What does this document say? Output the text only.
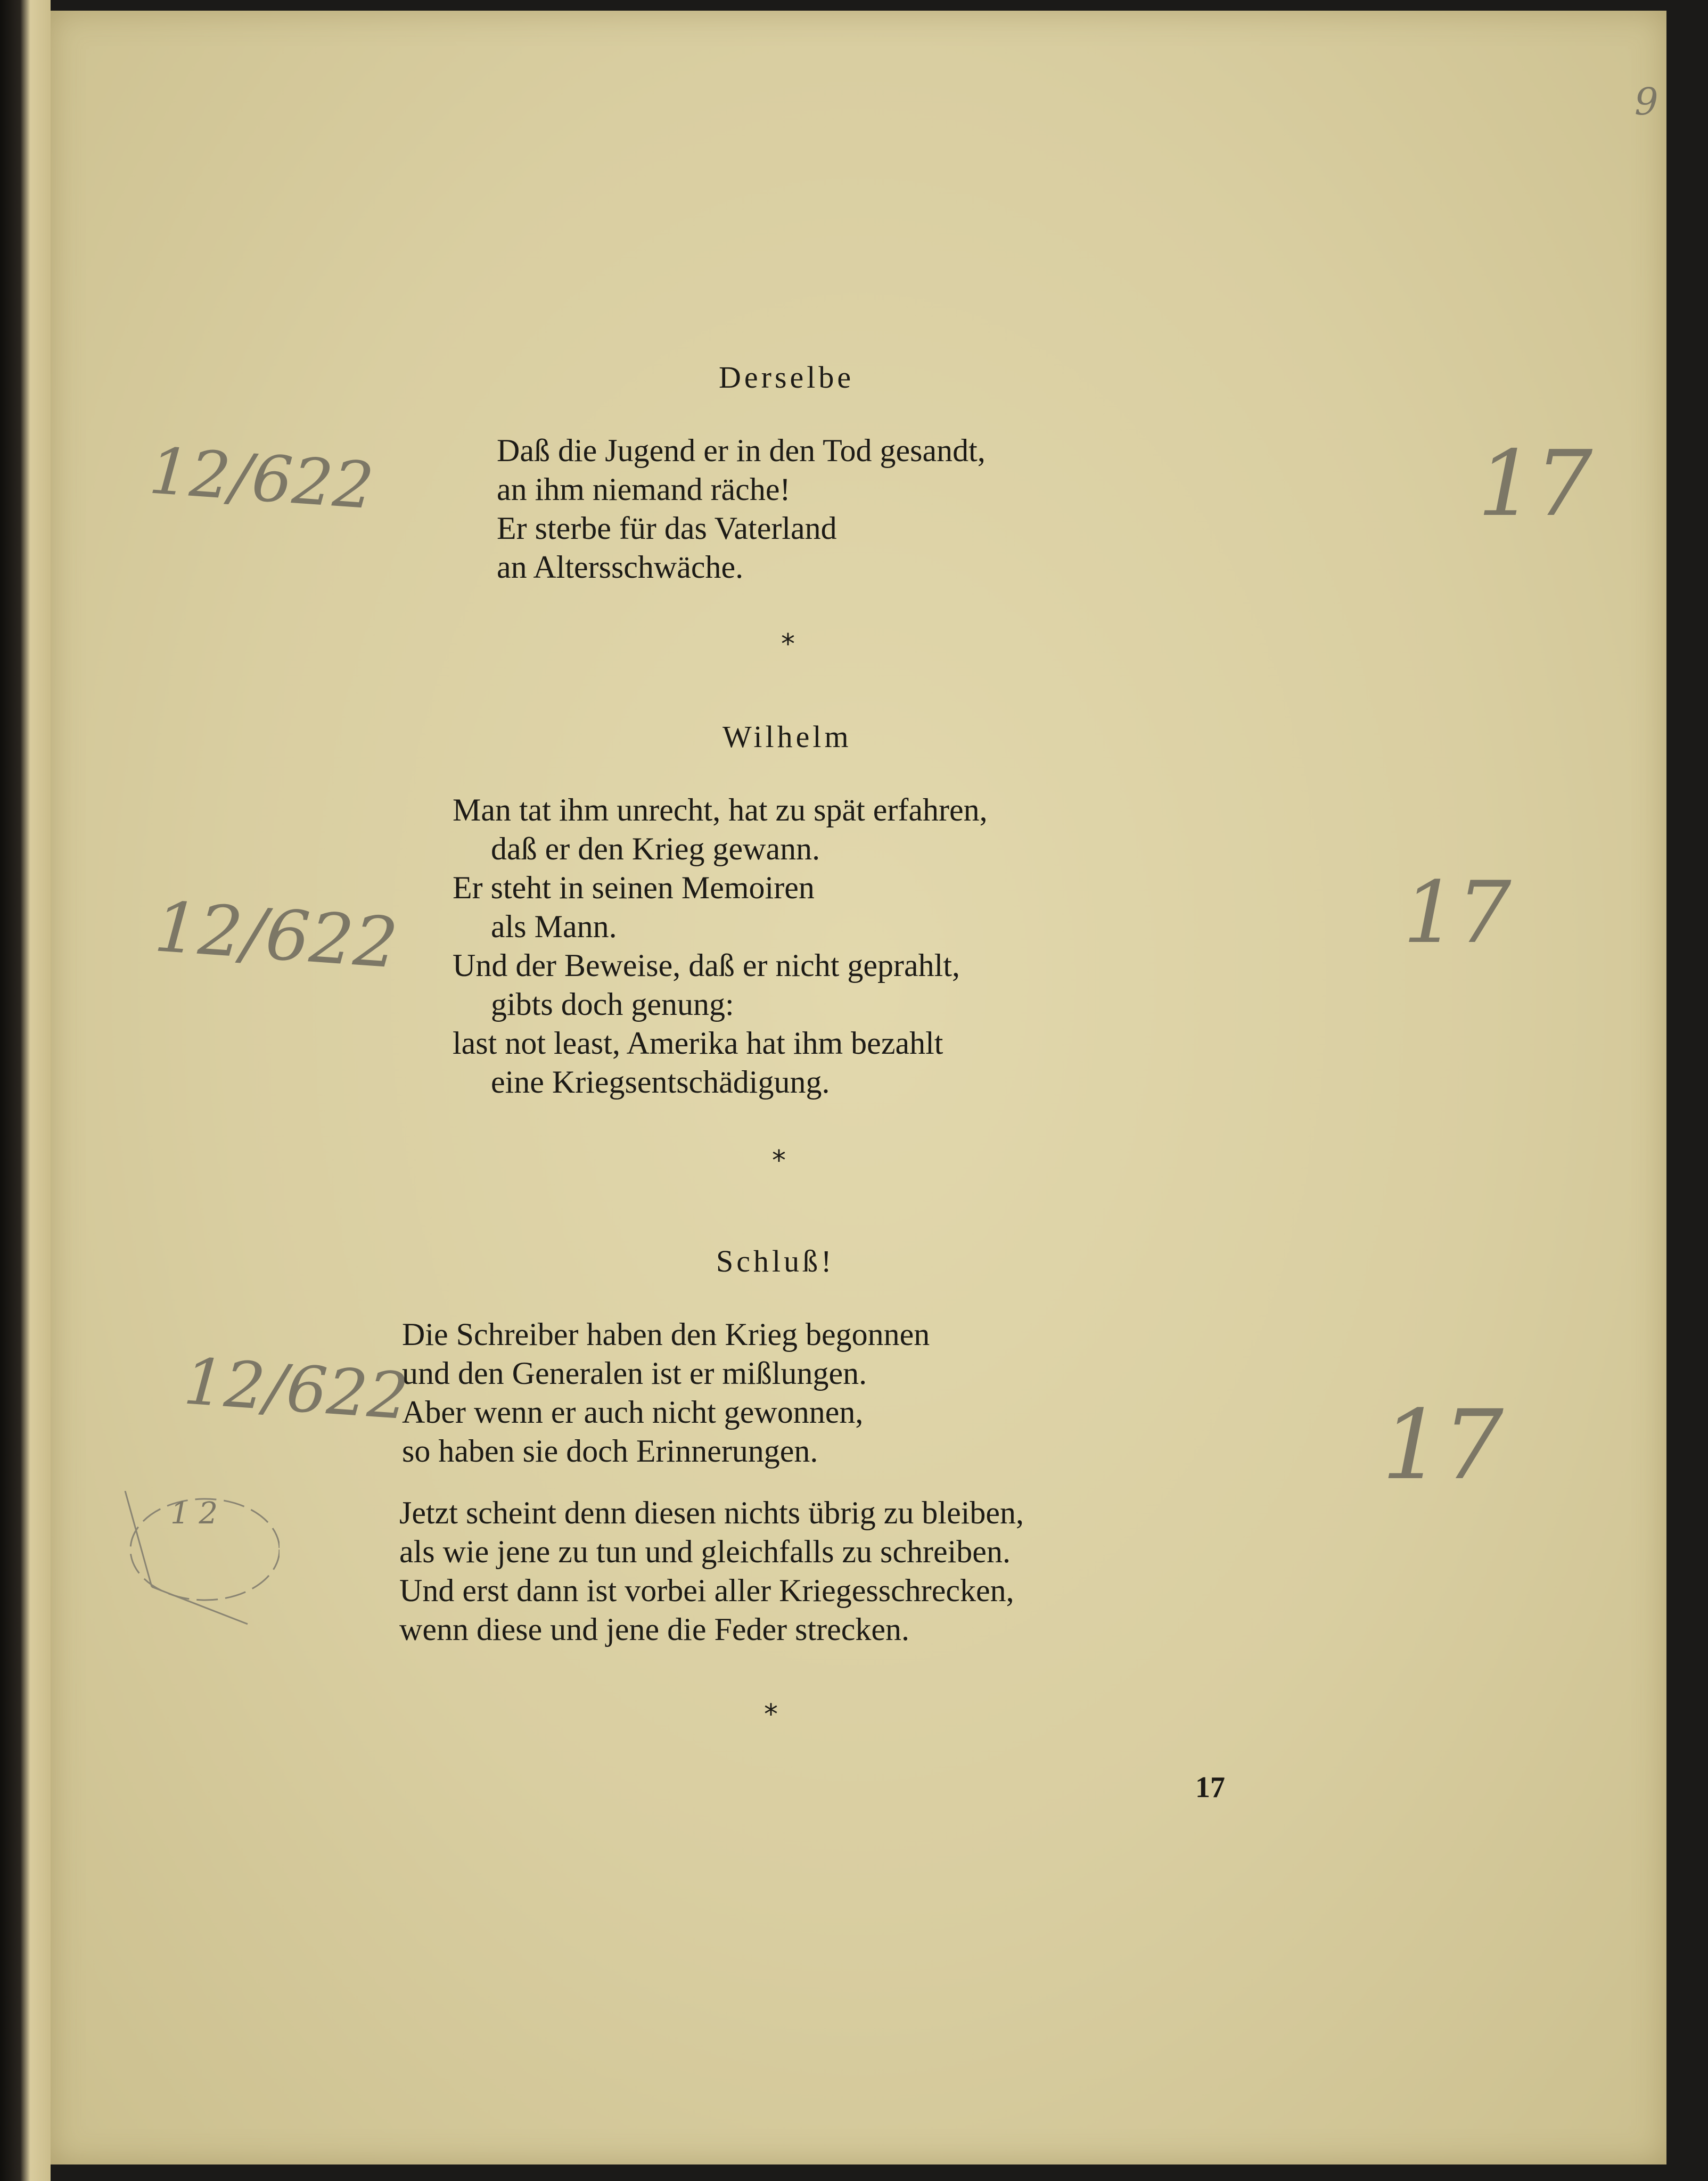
9
12/622
12/622
12/622
17
17
17
1 2
Derselbe
Daß die Jugend er in den Tod gesandt,
an ihm niemand räche!
Er sterbe für das Vaterland
an Altersschwäche.
*
Wilhelm
Man tat ihm unrecht, hat zu spät erfahren,
daß er den Krieg gewann.
Er steht in seinen Memoiren
als Mann.
Und der Beweise, daß er nicht geprahlt,
gibts doch genung:
last not least, Amerika hat ihm bezahlt
eine Kriegsentschädigung.
*
Schluß!
Die Schreiber haben den Krieg begonnen
und den Generalen ist er mißlungen.
Aber wenn er auch nicht gewonnen,
so haben sie doch Erinnerungen.
Jetzt scheint denn diesen nichts übrig zu bleiben,
als wie jene zu tun und gleichfalls zu schreiben.
Und erst dann ist vorbei aller Kriegesschrecken,
wenn diese und jene die Feder strecken.
*
17
